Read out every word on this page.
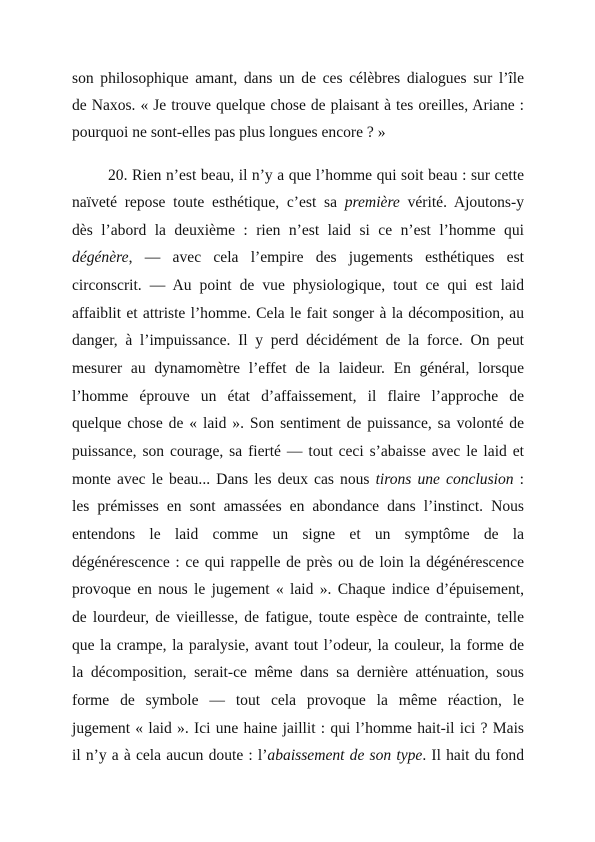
son philosophique amant, dans un de ces célèbres dialogues sur l’île
de Naxos. « Je trouve quelque chose de plaisant à tes oreilles, Ariane :
pourquoi ne sont-elles pas plus longues encore ? »
20. Rien n’est beau, il n’y a que l’homme qui soit beau : sur cette
naïveté repose toute esthétique, c’est sa première vérité. Ajoutons-y
dès l’abord la deuxième : rien n’est laid si ce n’est l’homme qui
dégénère, — avec cela l’empire des jugements esthétiques est
circonscrit. — Au point de vue physiologique, tout ce qui est laid
affaiblit et attriste l’homme. Cela le fait songer à la décomposition, au
danger, à l’impuissance. Il y perd décidément de la force. On peut
mesurer au dynamomètre l’effet de la laideur. En général, lorsque
l’homme éprouve un état d’affaissement, il flaire l’approche de
quelque chose de « laid ». Son sentiment de puissance, sa volonté de
puissance, son courage, sa fierté — tout ceci s’abaisse avec le laid et
monte avec le beau... Dans les deux cas nous tirons une conclusion :
les prémisses en sont amassées en abondance dans l’instinct. Nous
entendons le laid comme un signe et un symptôme de la
dégénérescence : ce qui rappelle de près ou de loin la dégénérescence
provoque en nous le jugement « laid ». Chaque indice d’épuisement,
de lourdeur, de vieillesse, de fatigue, toute espèce de contrainte, telle
que la crampe, la paralysie, avant tout l’odeur, la couleur, la forme de
la décomposition, serait-ce même dans sa dernière atténuation, sous
forme de symbole — tout cela provoque la même réaction, le
jugement « laid ». Ici une haine jaillit : qui l’homme hait-il ici ? Mais
il n’y a à cela aucun doute : l’abaissement de son type. Il hait du fond
